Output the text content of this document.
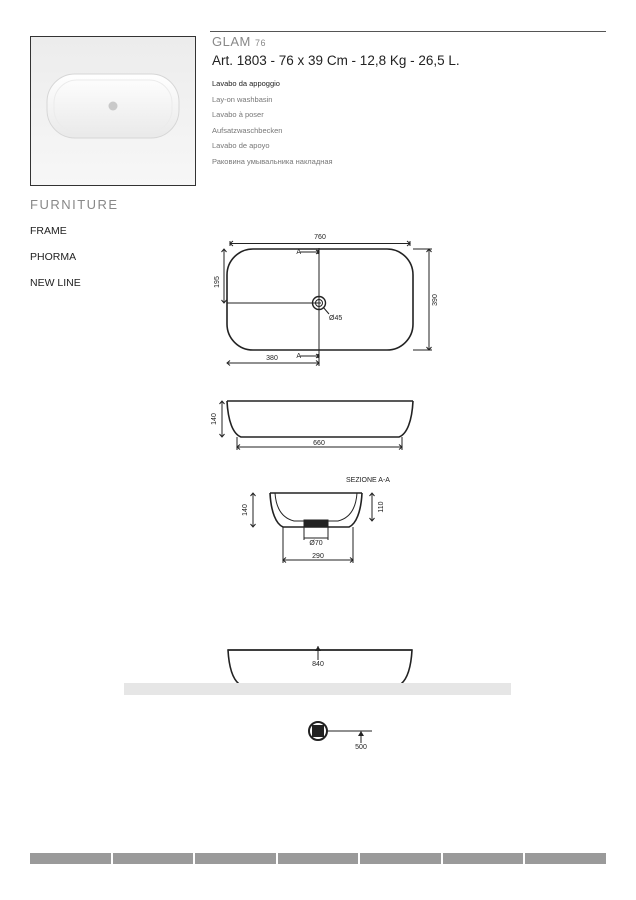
GLAM 76
Art. 1803 - 76 x 39 Cm - 12,8 Kg - 26,5 L.
Lavabo da appoggio
Lay-on washbasin
Lavabo à poser
Aufsatzwaschbecken
Lavabo de apoyo
Раковина умывальника накладная
FURNITURE
FRAME
PHORMA
NEW LINE
760
A
A
195
380
390
Ø45
140
660
SEZIONE A-A
140	110
Ø70
290
840
500
